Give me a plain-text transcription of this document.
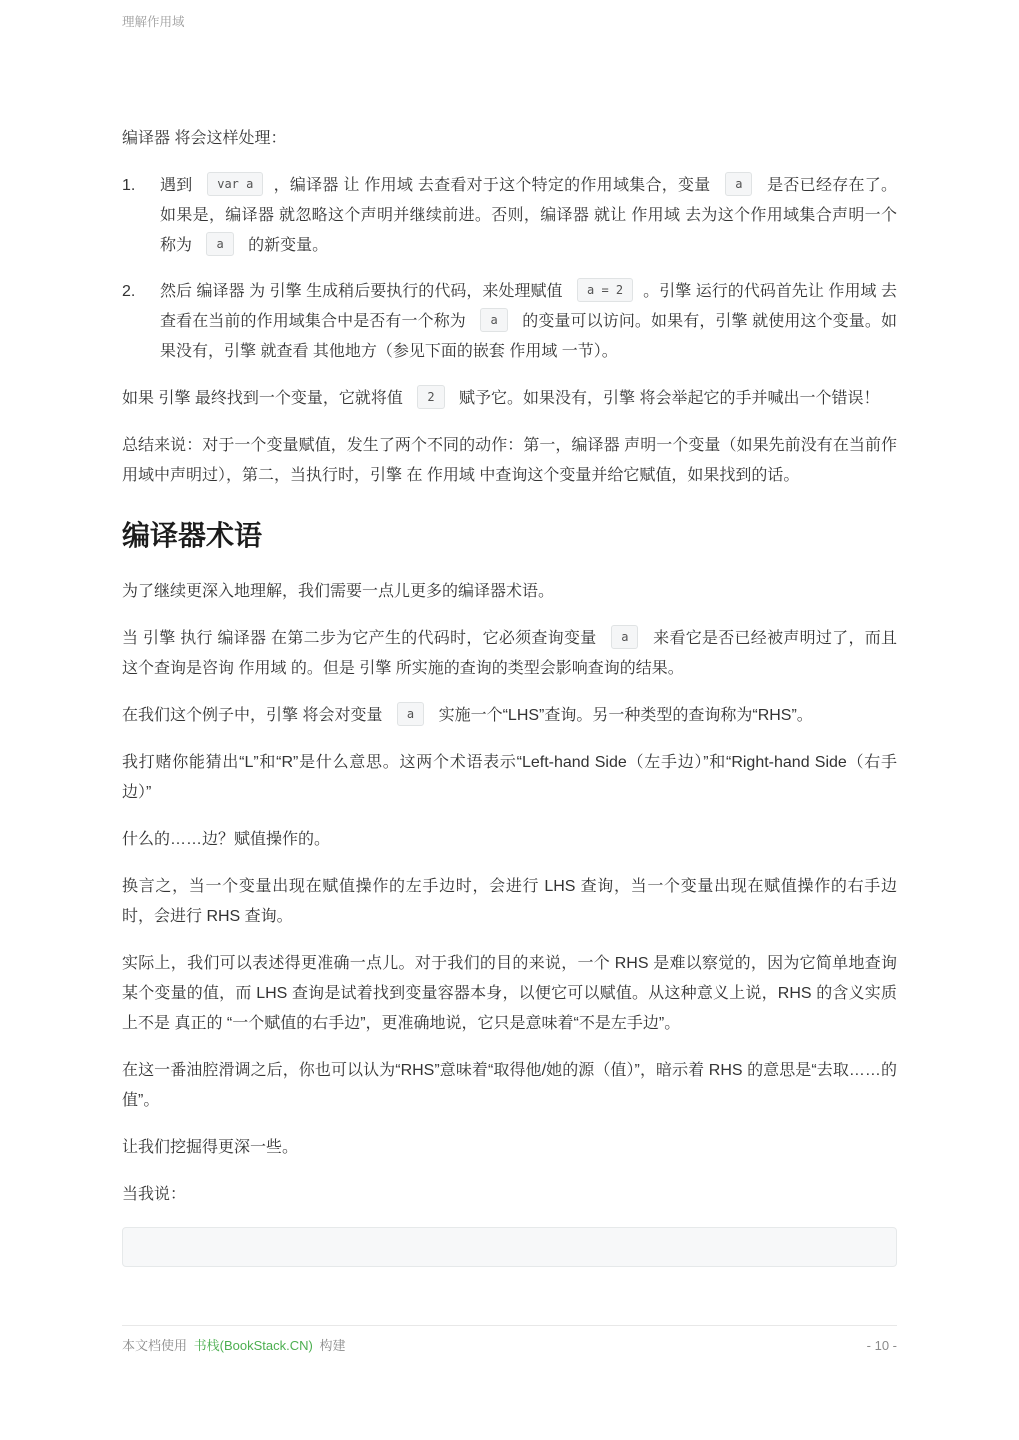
理解作用域

编译器 将会这样处理：

1.	遇到 var a ，编译器 让 作用域 去查看对于这个特定的作用域集合，变量 a 是否已经存在了。如果是，编译器 就忽略这个声明并继续前进。否则，编译器 就让 作用域 去为这个作用域集合声明一个称为 a 的新变量。
2.	然后 编译器 为 引擎 生成稍后要执行的代码，来处理赋值 a = 2 。引擎 运行的代码首先让 作用域 去查看在当前的作用域集合中是否有一个称为 a 的变量可以访问。如果有，引擎 就使用这个变量。如果没有，引擎 就查看 其他地方（参见下面的嵌套 作用域 一节）。

如果 引擎 最终找到一个变量，它就将值 2 赋予它。如果没有，引擎 将会举起它的手并喊出一个错误！

总结来说：对于一个变量赋值，发生了两个不同的动作：第一，编译器 声明一个变量（如果先前没有在当前作用域中声明过），第二，当执行时，引擎 在 作用域 中查询这个变量并给它赋值，如果找到的话。

编译器术语

为了继续更深入地理解，我们需要一点儿更多的编译器术语。

当 引擎 执行 编译器 在第二步为它产生的代码时，它必须查询变量 a 来看它是否已经被声明过了，而且这个查询是咨询 作用域 的。但是 引擎 所实施的查询的类型会影响查询的结果。

在我们这个例子中，引擎 将会对变量 a 实施一个“LHS”查询。另一种类型的查询称为“RHS”。

我打赌你能猜出“L”和“R”是什么意思。这两个术语表示“Left-hand Side（左手边）”和“Right-hand Side（右手边）”

什么的……边？赋值操作的。

换言之，当一个变量出现在赋值操作的左手边时，会进行 LHS 查询，当一个变量出现在赋值操作的右手边时，会进行 RHS 查询。

实际上，我们可以表述得更准确一点儿。对于我们的目的来说，一个 RHS 是难以察觉的，因为它简单地查询某个变量的值，而 LHS 查询是试着找到变量容器本身，以便它可以赋值。从这种意义上说，RHS 的含义实质上不是 真正的 “一个赋值的右手边”，更准确地说，它只是意味着“不是左手边”。

在这一番油腔滑调之后，你也可以认为“RHS”意味着“取得他/她的源（值）”，暗示着 RHS 的意思是“去取……的值”。

让我们挖掘得更深一些。

当我说：

本文档使用 书栈(BookStack.CN) 构建	- 10 -
